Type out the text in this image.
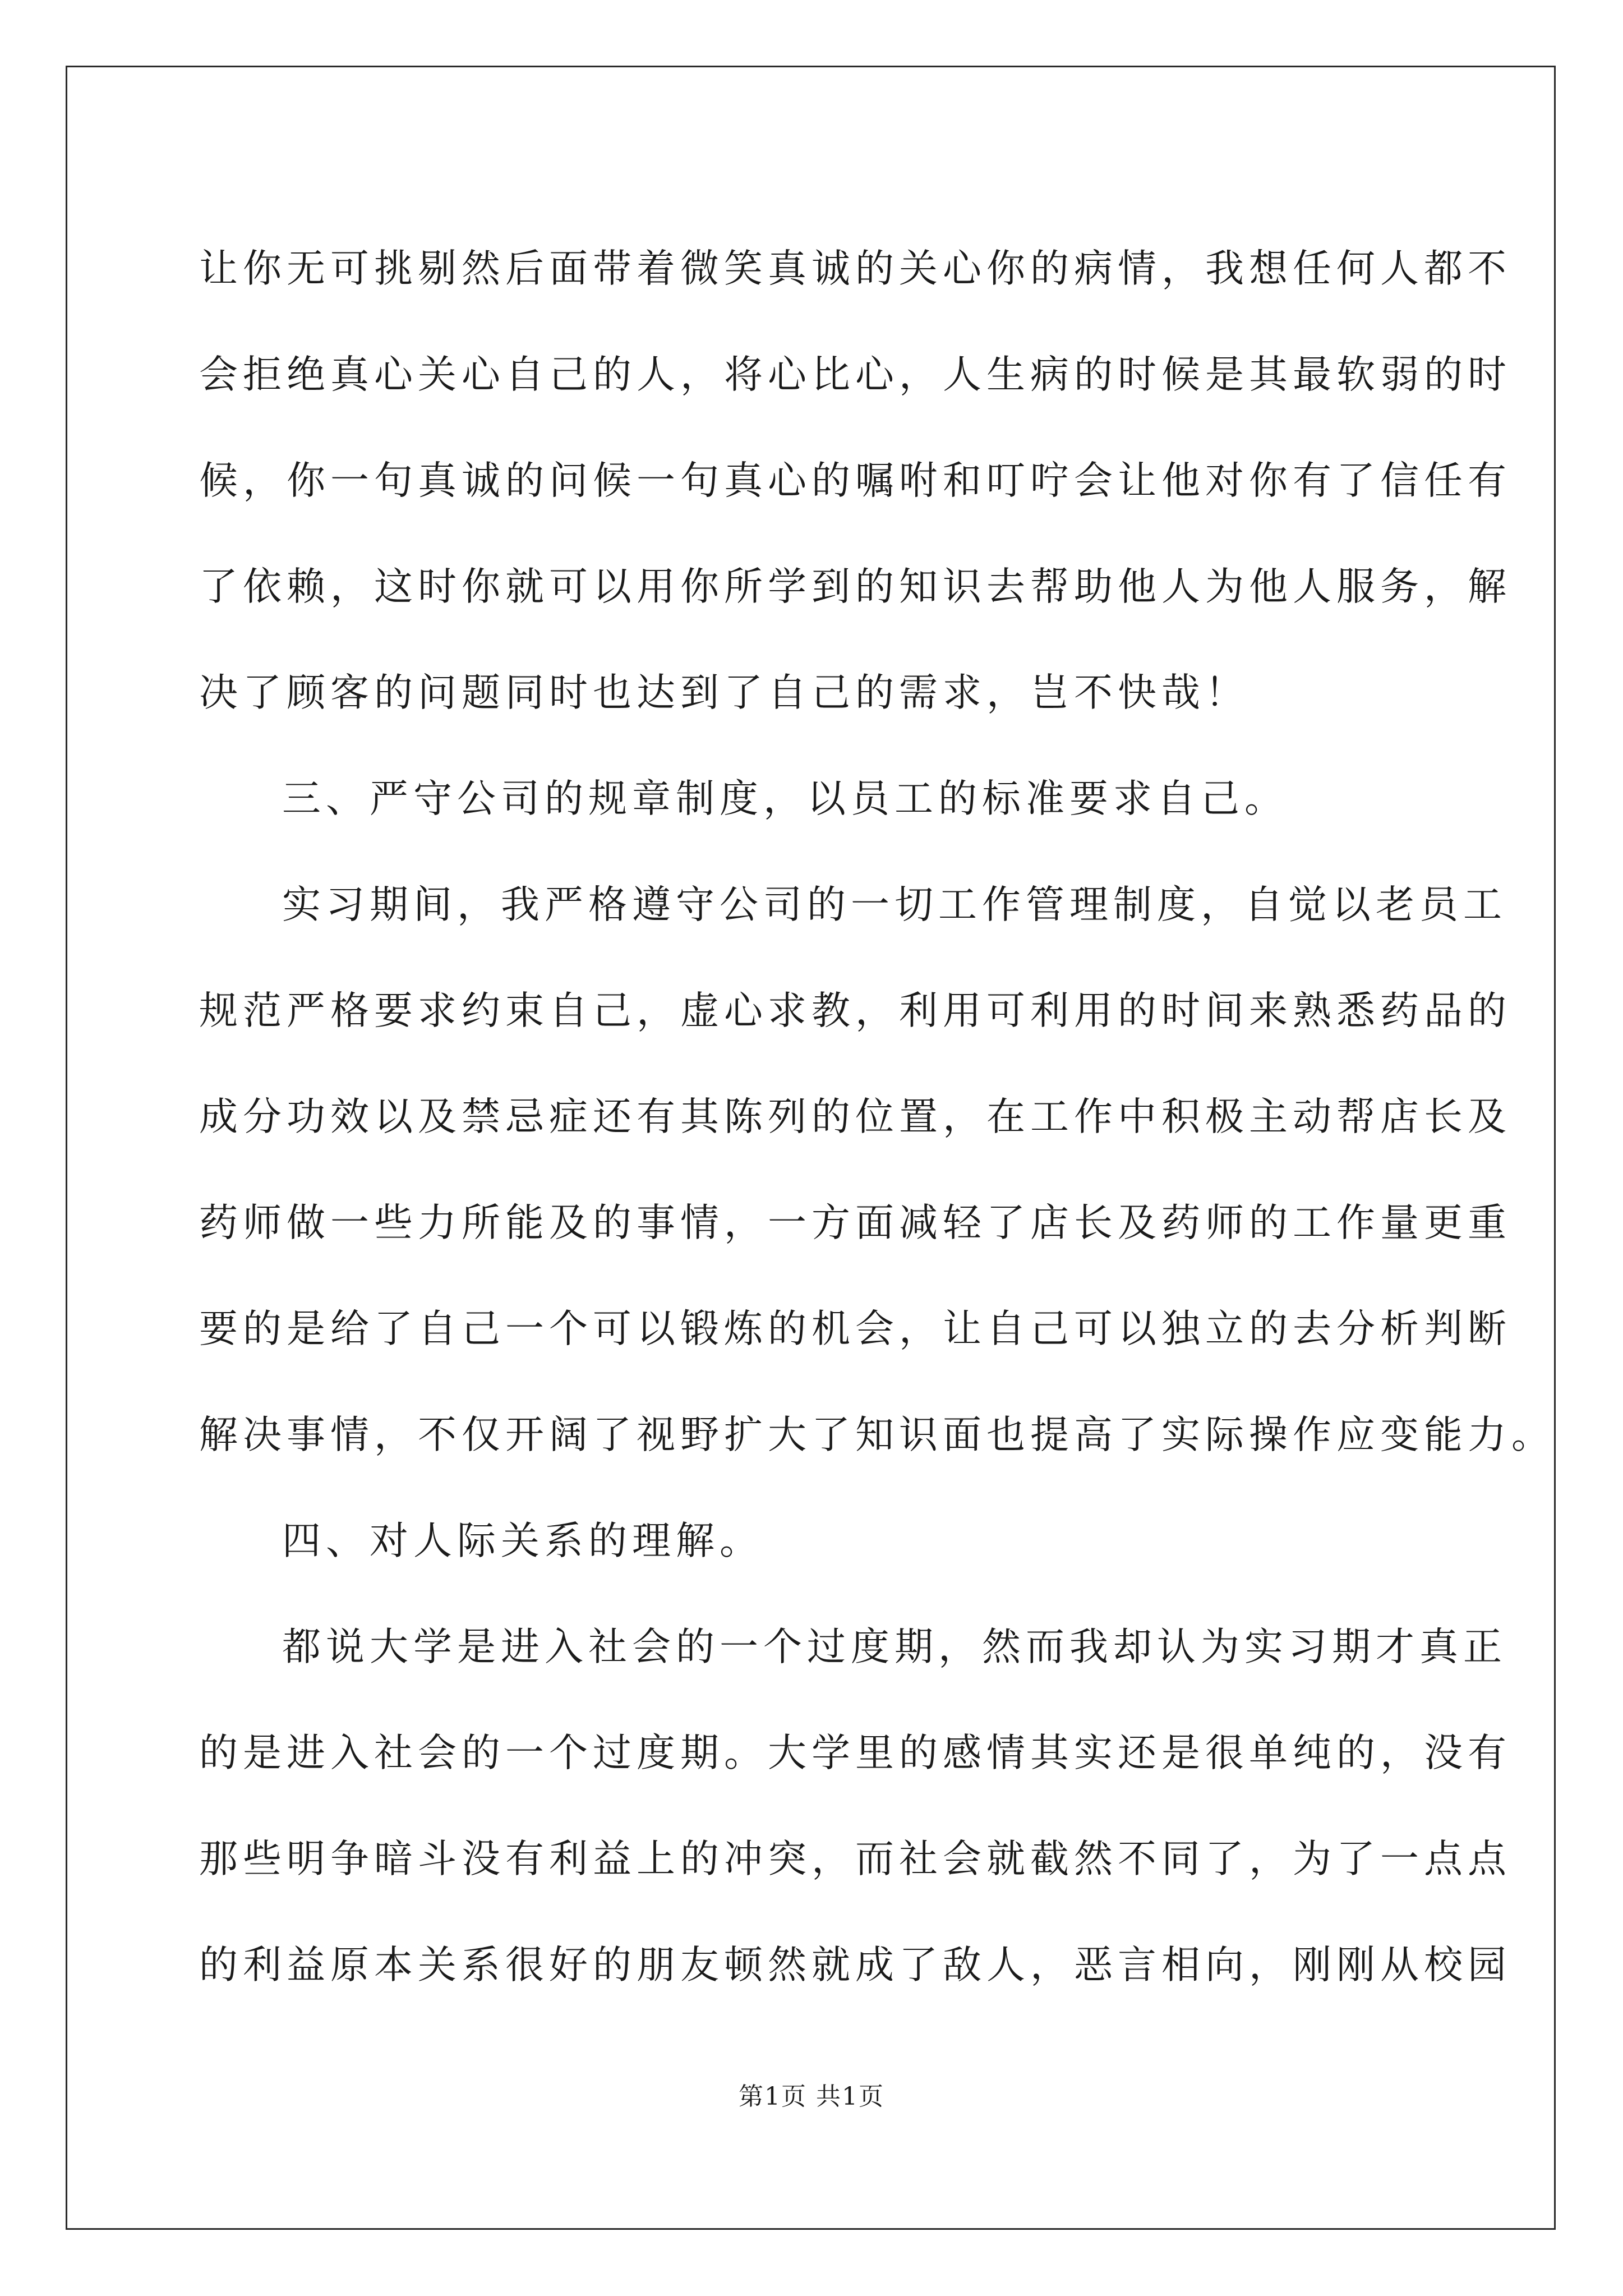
让你无可挑剔然后面带着微笑真诚的关心你的病情，我想任何人都不
会拒绝真心关心自己的人，将心比心，人生病的时候是其最软弱的时
候，你一句真诚的问候一句真心的嘱咐和叮咛会让他对你有了信任有
了依赖，这时你就可以用你所学到的知识去帮助他人为他人服务，解
决了顾客的问题同时也达到了自己的需求，岂不快哉！
三、严守公司的规章制度，以员工的标准要求自己。
实习期间，我严格遵守公司的一切工作管理制度，自觉以老员工
规范严格要求约束自己，虚心求教，利用可利用的时间来熟悉药品的
成分功效以及禁忌症还有其陈列的位置，在工作中积极主动帮店长及
药师做一些力所能及的事情，一方面减轻了店长及药师的工作量更重
要的是给了自己一个可以锻炼的机会，让自己可以独立的去分析判断
解决事情，不仅开阔了视野扩大了知识面也提高了实际操作应变能力。
四、对人际关系的理解。
都说大学是进入社会的一个过度期，然而我却认为实习期才真正
的是进入社会的一个过度期。大学里的感情其实还是很单纯的，没有
那些明争暗斗没有利益上的冲突，而社会就截然不同了，为了一点点
的利益原本关系很好的朋友顿然就成了敌人，恶言相向，刚刚从校园
第1页 共1页
